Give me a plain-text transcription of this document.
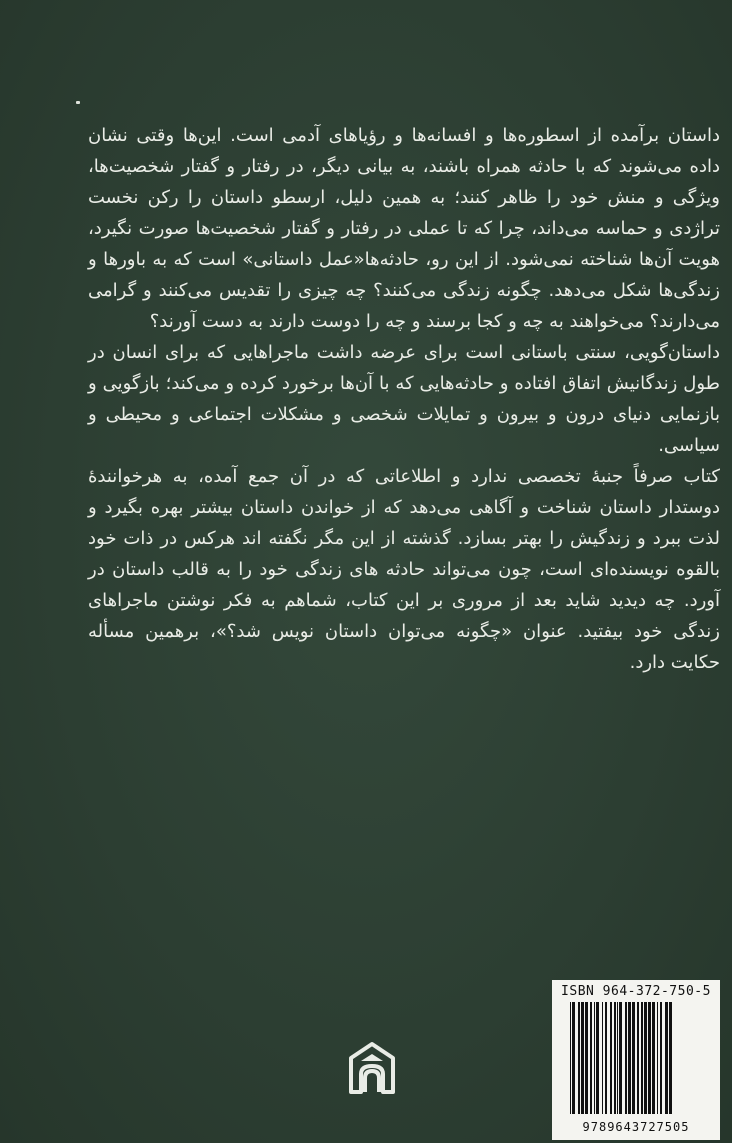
داستان برآمده از اسطوره‌ها و افسانه‌ها و رؤیاهای آدمی است. این‌ها وقتی نشان داده می‌شوند که با حادثه همراه باشند، به بیانی دیگر، در رفتار و گفتار شخصیت‌ها، ویژگی و منش خود را ظاهر کنند؛ به همین دلیل، ارسطو داستان را رکن نخست تراژدی و حماسه می‌داند، چرا که تا عملی در رفتار و گفتار شخصیت‌ها صورت نگیرد، هویت آن‌ها شناخته نمی‌شود. از این رو، حادثه‌ها«عمل داستانی» است که به باورها و زندگی‌ها شکل می‌دهد. چگونه زندگی می‌کنند؟ چه چیزی را تقدیس می‌کنند و گرامی می‌دارند؟ می‌خواهند به چه و کجا برسند و چه را دوست دارند به دست آورند؟

داستان‌گویی، سنتی باستانی است برای عرضه داشت ماجراهایی که برای انسان در طول زندگانیش اتفاق افتاده و حادثه‌هایی که با آن‌ها برخورد کرده و می‌کند؛ بازگویی و بازنمایی دنیای درون و بیرون و تمایلات شخصی و مشکلات اجتماعی و محیطی و سیاسی.

کتاب صرفاً جنبۀ تخصصی ندارد و اطلاعاتی که در آن جمع آمده، به هرخوانندۀ دوستدار داستان شناخت و آگاهی می‌دهد که از خواندن داستان بیشتر بهره بگیرد و لذت ببرد و زندگیش را بهتر بسازد. گذشته از این مگر نگفته اند هرکس در ذات خود بالقوه نویسنده‌ای است، چون می‌تواند حادثه های زندگی خود را به قالب داستان در آورد. چه دیدید شاید بعد از مروری بر این کتاب، شماهم به فکر نوشتن ماجراهای زندگی خود بیفتید. عنوان «چگونه می‌توان داستان نویس شد؟»، برهمین مسأله حکایت دارد.

ISBN 964-372-750-5
9789643727505
